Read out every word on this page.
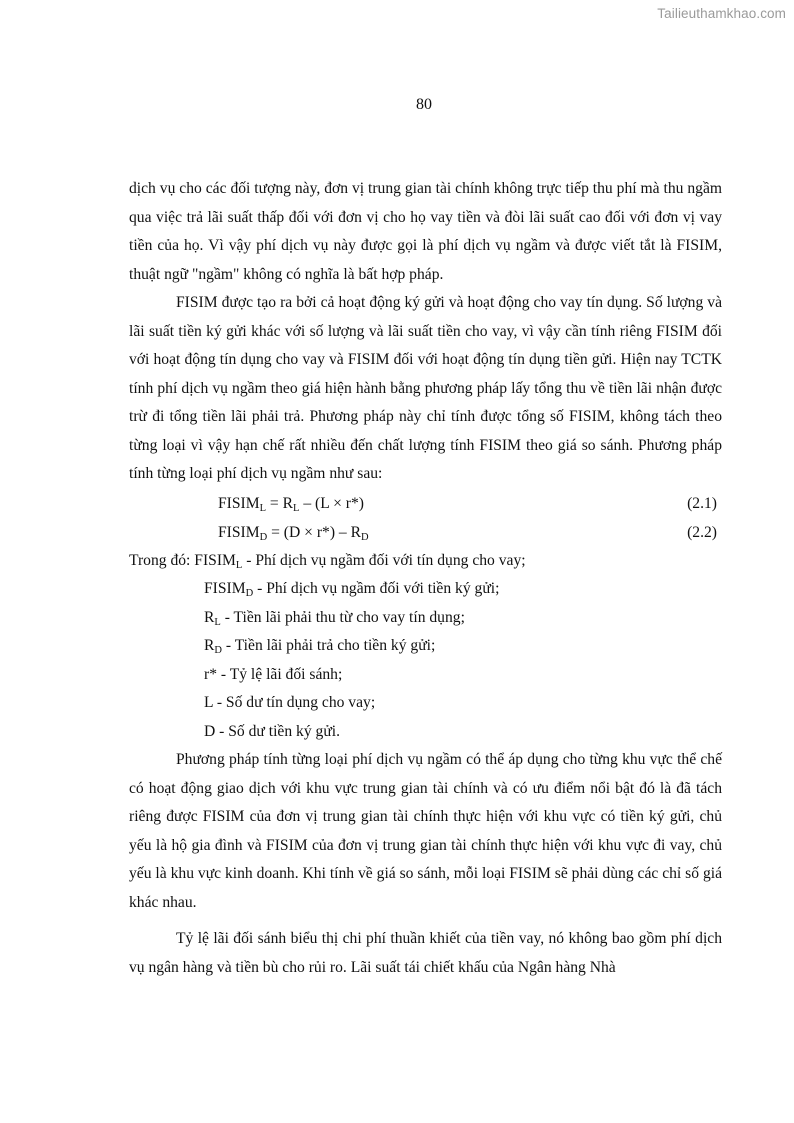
Tailieuthamkhao.com
80

dịch vụ cho các đối tượng này, đơn vị trung gian tài chính không trực tiếp thu phí mà thu ngầm qua việc trả lãi suất thấp đối với đơn vị cho họ vay tiền và đòi lãi suất cao đối với đơn vị vay tiền của họ. Vì vậy phí dịch vụ này được gọi là phí dịch vụ ngầm và được viết tắt là FISIM, thuật ngữ "ngầm" không có nghĩa là bất hợp pháp.

FISIM được tạo ra bởi cả hoạt động ký gửi và hoạt động cho vay tín dụng. Số lượng và lãi suất tiền ký gửi khác với số lượng và lãi suất tiền cho vay, vì vậy cần tính riêng FISIM đối với hoạt động tín dụng cho vay và FISIM đối với hoạt động tín dụng tiền gửi. Hiện nay TCTK tính phí dịch vụ ngầm theo giá hiện hành bằng phương pháp lấy tổng thu về tiền lãi nhận được trừ đi tổng tiền lãi phải trả. Phương pháp này chỉ tính được tổng số FISIM, không tách theo từng loại vì vậy hạn chế rất nhiều đến chất lượng tính FISIM theo giá so sánh. Phương pháp tính từng loại phí dịch vụ ngầm như sau:

$FISIM_L = R_L - (L \times r*)$	(2.1)
$FISIM_D = (D \times r*) - R_D$	(2.2)
Trong đó: $FISIM_L$ - Phí dịch vụ ngầm đối với tín dụng cho vay;
$FISIM_D$ - Phí dịch vụ ngầm đối với tiền ký gửi;
$R_L$ - Tiền lãi phải thu từ cho vay tín dụng;
$R_D$ - Tiền lãi phải trả cho tiền ký gửi;
r* - Tỷ lệ lãi đối sánh;
L - Số dư tín dụng cho vay;
D - Số dư tiền ký gửi.

Phương pháp tính từng loại phí dịch vụ ngầm có thể áp dụng cho từng khu vực thể chế có hoạt động giao dịch với khu vực trung gian tài chính và có ưu điểm nổi bật đó là đã tách riêng được FISIM của đơn vị trung gian tài chính thực hiện với khu vực có tiền ký gửi, chủ yếu là hộ gia đình và FISIM của đơn vị trung gian tài chính thực hiện với khu vực đi vay, chủ yếu là khu vực kinh doanh. Khi tính về giá so sánh, mỗi loại FISIM sẽ phải dùng các chỉ số giá khác nhau.

Tỷ lệ lãi đối sánh biểu thị chi phí thuần khiết của tiền vay, nó không bao gồm phí dịch vụ ngân hàng và tiền bù cho rủi ro. Lãi suất tái chiết khấu của Ngân hàng Nhà
